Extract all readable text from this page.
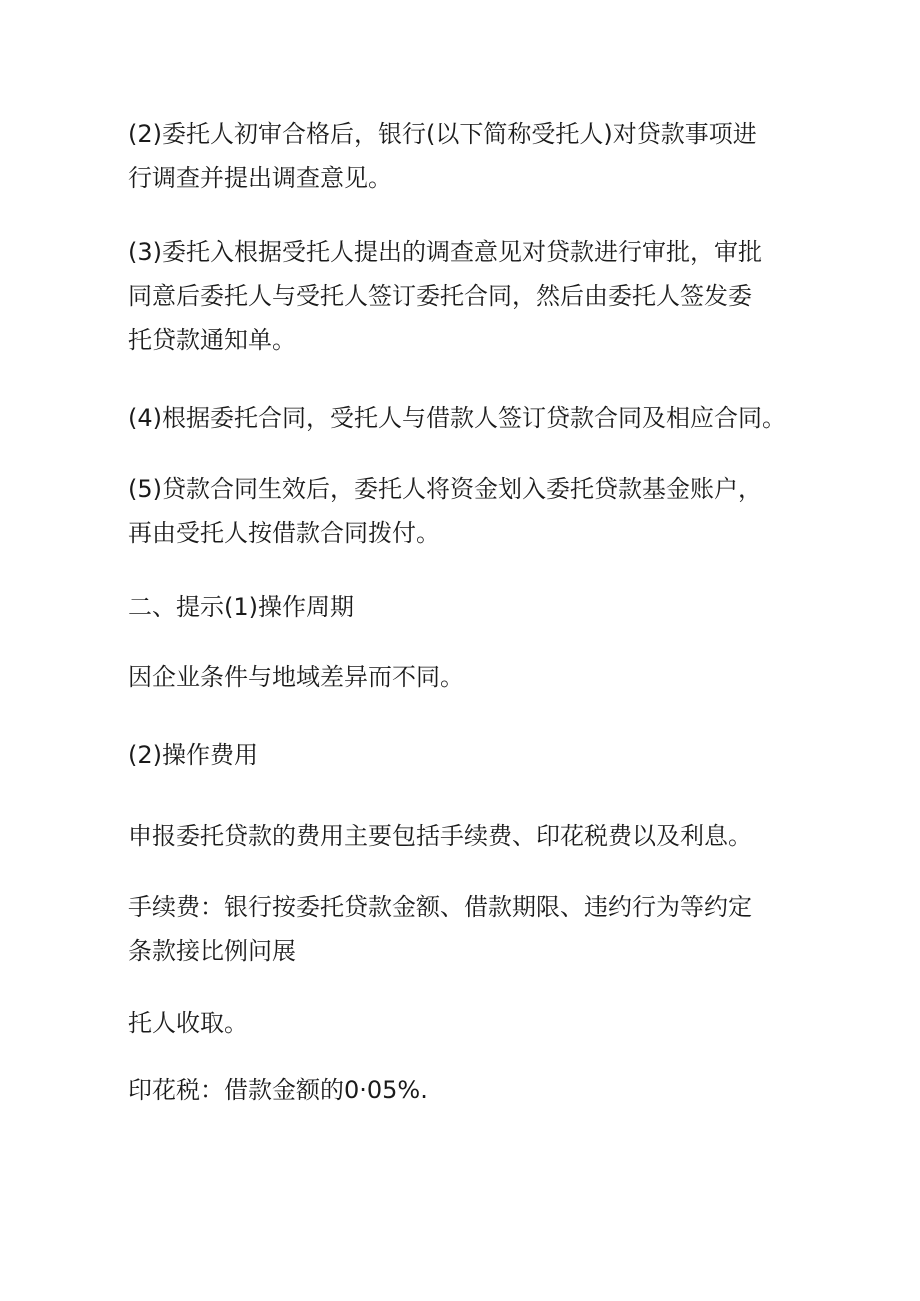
(2)委托人初审合格后，银行(以下简称受托人)对贷款事项进
行调查并提出调查意见。

(3)委托入根据受托人提出的调查意见对贷款进行审批，审批
同意后委托人与受托人签订委托合同，然后由委托人签发委
托贷款通知单。

(4)根据委托合同，受托人与借款人签订贷款合同及相应合同。

(5)贷款合同生效后，委托人将资金划入委托贷款基金账户，
再由受托人按借款合同拨付。

二、提示(1)操作周期

因企业条件与地域差异而不同。

(2)操作费用

申报委托贷款的费用主要包括手续费、印花税费以及利息。

手续费：银行按委托贷款金额、借款期限、违约行为等约定
条款接比例问展

托人收取。

印花税：借款金额的0·05%.
